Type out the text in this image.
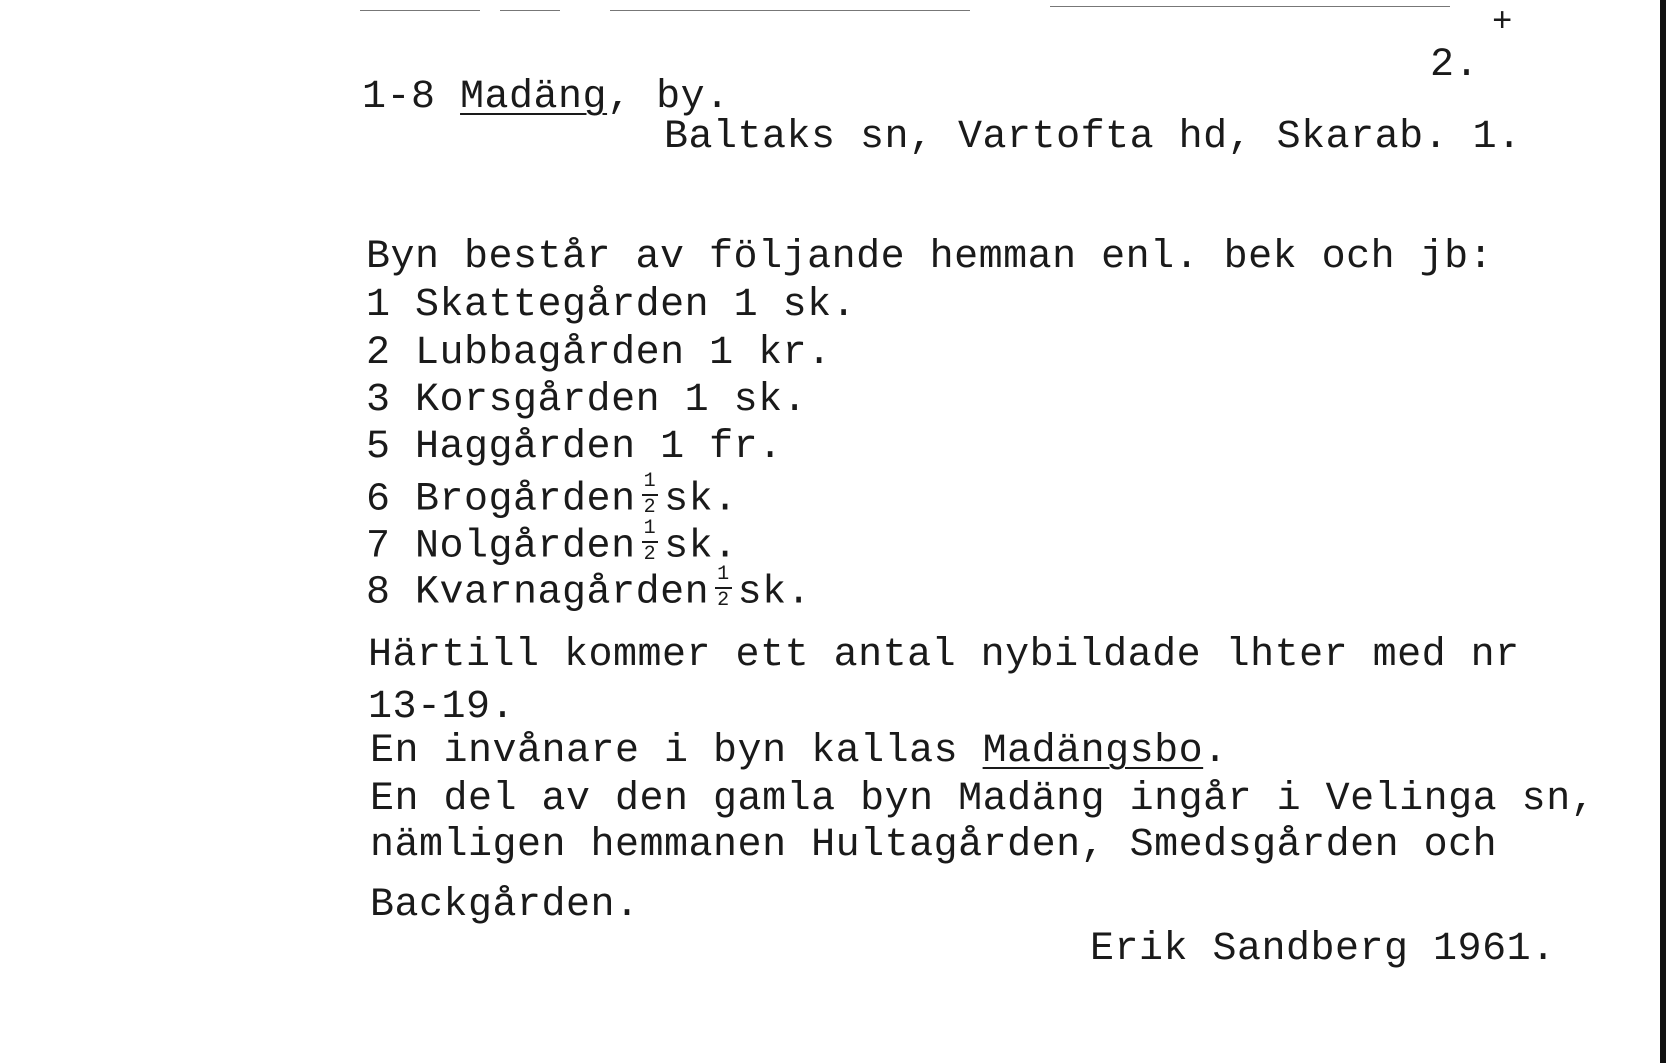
+
2.
1-8 Madäng, by.
Baltaks sn, Vartofta hd, Skarab. 1.
Byn består av följande hemman enl. bek och jb:
1 Skattegården 1 sk.
2 Lubbagården 1 kr.
3 Korsgården 1 sk.
5 Haggården 1 fr.
6 Brogården $\frac{1}{2}$ sk.
7 Nolgården $\frac{1}{2}$ sk.
8 Kvarnagården $\frac{1}{2}$ sk.
Härtill kommer ett antal nybildade lhter med nr
13-19.
En invånare i byn kallas Madängsbo.
En del av den gamla byn Madäng ingår i Velinga sn,
nämligen hemmanen Hultagården, Smedsgården och
Backgården.
Erik Sandberg 1961.
